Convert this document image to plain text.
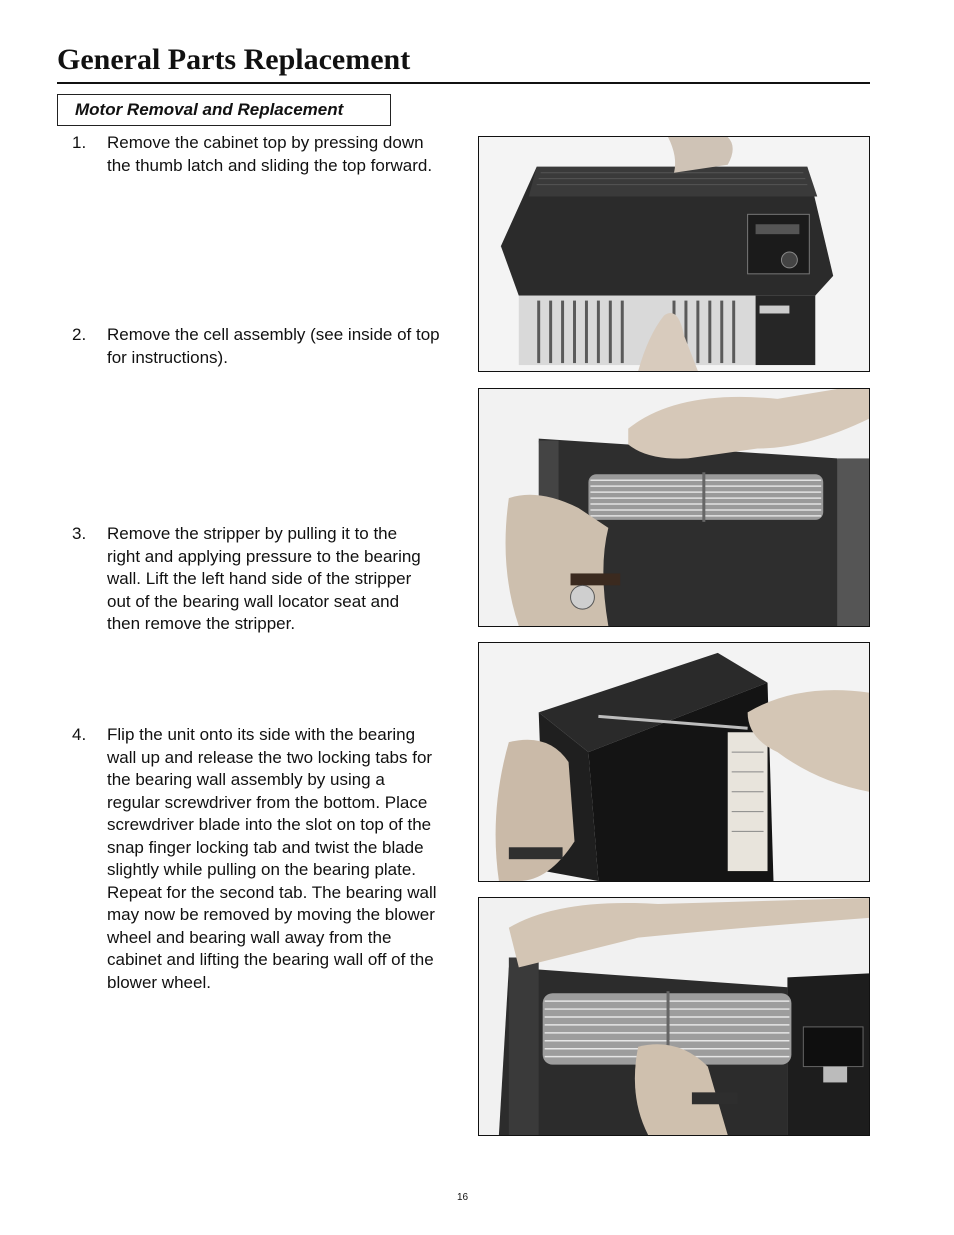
General Parts Replacement
Motor Removal and Replacement
1. Remove the cabinet top by pressing down the thumb latch and sliding the top forward.
2. Remove the cell assembly (see inside of top for instructions).
3. Remove the stripper by pulling it to the right and applying pressure to the bearing wall. Lift the left hand side of the stripper out of the bearing wall locator seat and then remove the stripper.
4. Flip the unit onto its side with the bearing wall up and release the two locking tabs for the bearing wall assembly by using a regular screwdriver from the bottom. Place screwdriver blade into the slot on top of the snap finger locking tab and twist the blade slightly while pulling on the bearing plate. Repeat for the second tab. The bearing wall may now be removed by moving the blower wheel and bearing wall away from the cabinet and lifting the bearing wall off of the blower wheel.
16
